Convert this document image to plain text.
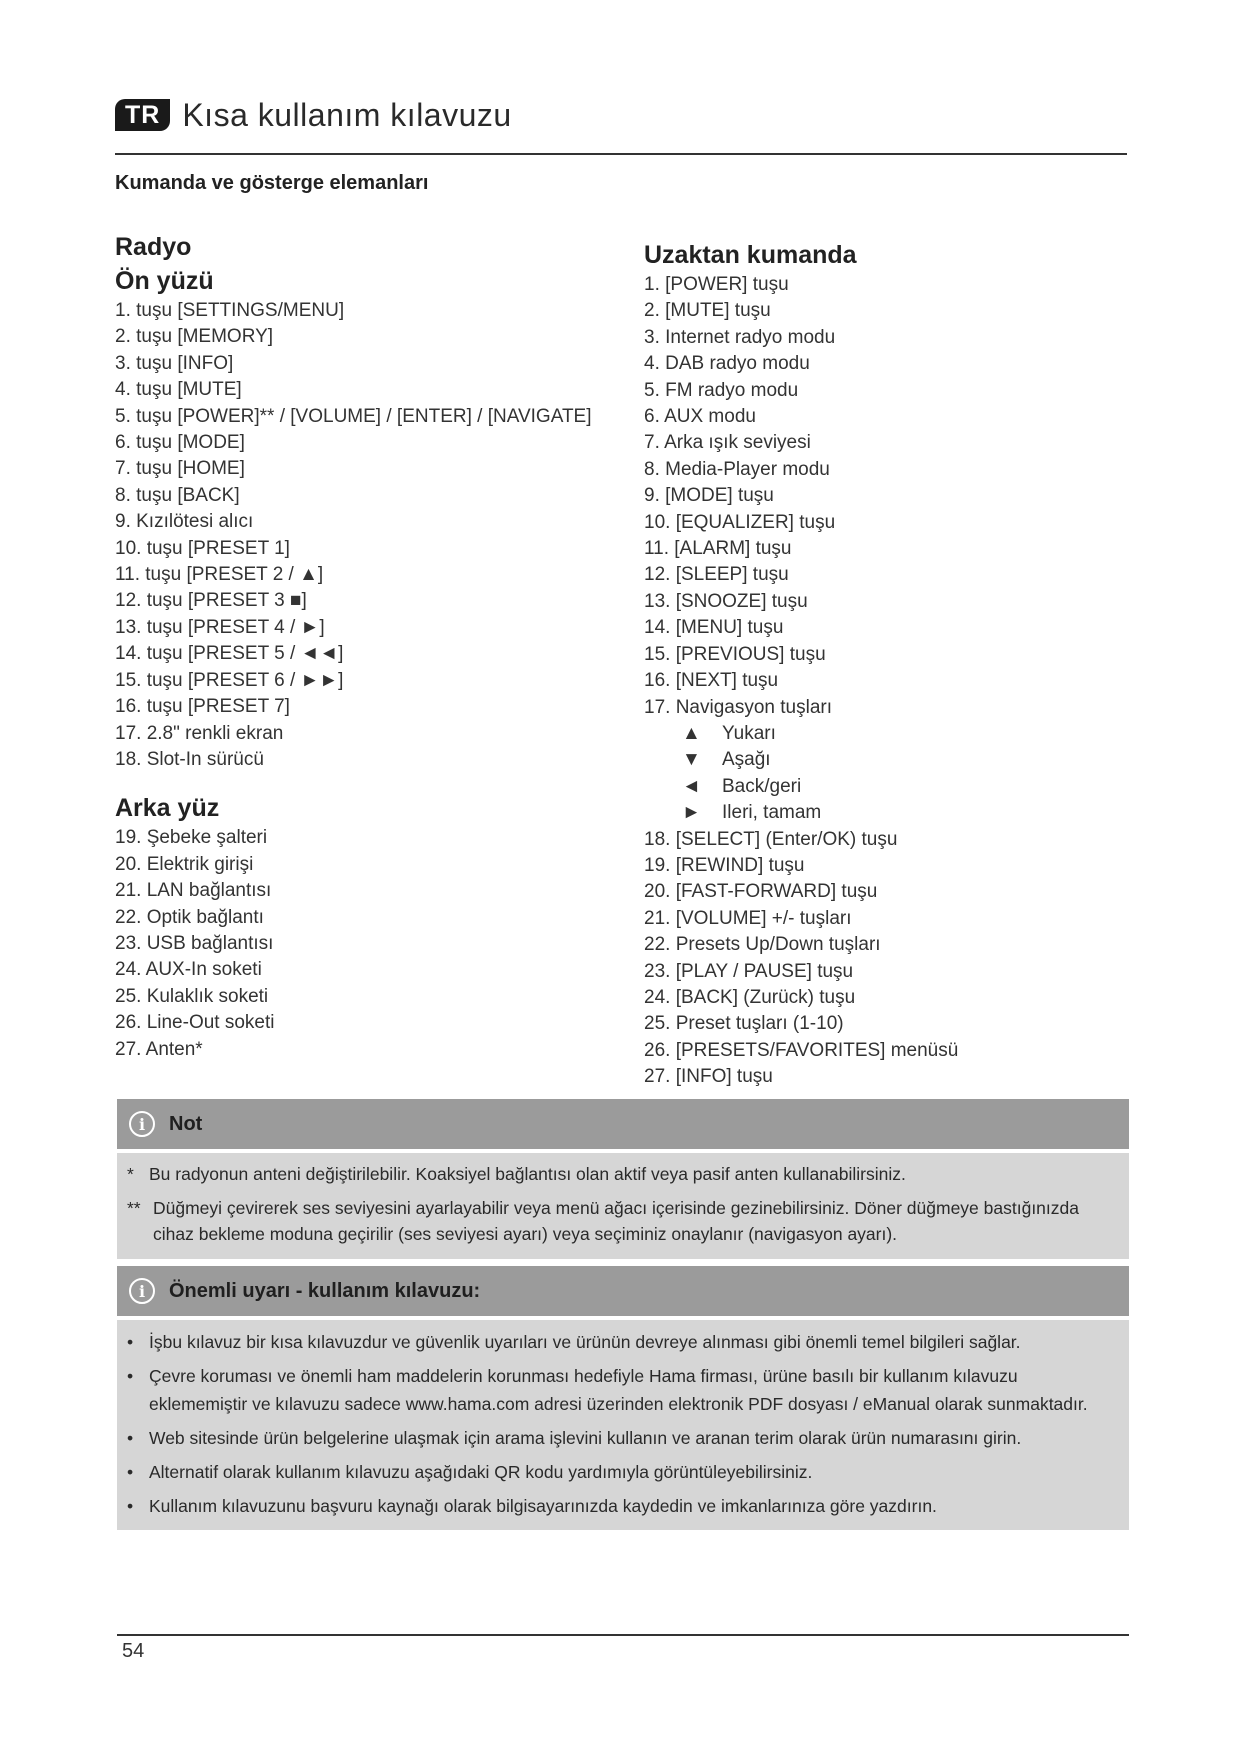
TR Kısa kullanım kılavuzu
Kumanda ve gösterge elemanları
Radyo
Ön yüzü
1. tuşu [SETTINGS/MENU]
2. tuşu [MEMORY]
3. tuşu [INFO]
4. tuşu [MUTE]
5. tuşu [POWER]** / [VOLUME] / [ENTER] / [NAVIGATE]
6. tuşu [MODE]
7. tuşu [HOME]
8. tuşu [BACK]
9. Kızılötesi alıcı
10. tuşu [PRESET 1]
11. tuşu [PRESET 2 / ▲]
12. tuşu [PRESET 3 ■]
13. tuşu [PRESET 4 / ►]
14. tuşu [PRESET 5 / ◄◄]
15. tuşu [PRESET 6 / ►►]
16. tuşu [PRESET 7]
17. 2.8" renkli ekran
18. Slot-In sürücü
Arka yüz
19. Şebeke şalteri
20. Elektrik girişi
21. LAN bağlantısı
22. Optik bağlantı
23. USB bağlantısı
24. AUX-In soketi
25. Kulaklık soketi
26. Line-Out soketi
27. Anten*
Uzaktan kumanda
1. [POWER] tuşu
2. [MUTE] tuşu
3. Internet radyo modu
4. DAB radyo modu
5. FM radyo modu
6. AUX modu
7. Arka ışık seviyesi
8. Media-Player modu
9. [MODE] tuşu
10. [EQUALIZER] tuşu
11. [ALARM] tuşu
12. [SLEEP] tuşu
13. [SNOOZE] tuşu
14. [MENU] tuşu
15. [PREVIOUS] tuşu
16. [NEXT] tuşu
17. Navigasyon tuşları
▲ Yukarı
▼ Aşağı
◄ Back/geri
► Ileri, tamam
18. [SELECT] (Enter/OK) tuşu
19. [REWIND] tuşu
20. [FAST-FORWARD] tuşu
21. [VOLUME] +/- tuşları
22. Presets Up/Down tuşları
23. [PLAY / PAUSE] tuşu
24. [BACK] (Zurück) tuşu
25. Preset tuşları (1-10)
26. [PRESETS/FAVORITES] menüsü
27. [INFO] tuşu
i	Not

* Bu radyonun anteni değiştirilebilir. Koaksiyel bağlantısı olan aktif veya pasif anten kullanabilirsiniz.

** Düğmeyi çevirerek ses seviyesini ayarlayabilir veya menü ağacı içerisinde gezinebilirsiniz. Döner düğmeye bastığınızda cihaz bekleme moduna geçirilir (ses seviyesi ayarı) veya seçiminiz onaylanır (navigasyon ayarı).

i	Önemli uyarı - kullanım kılavuzu:

• İşbu kılavuz bir kısa kılavuzdur ve güvenlik uyarıları ve ürünün devreye alınması gibi önemli temel bilgileri sağlar.

• Çevre koruması ve önemli ham maddelerin korunması hedefiyle Hama firması, ürüne basılı bir kullanım kılavuzu eklememiştir ve kılavuzu sadece www.hama.com adresi üzerinden elektronik PDF dosyası / eManual olarak sunmaktadır.

• Web sitesinde ürün belgelerine ulaşmak için arama işlevini kullanın ve aranan terim olarak ürün numarasını girin.

• Alternatif olarak kullanım kılavuzu aşağıdaki QR kodu yardımıyla görüntüleyebilirsiniz.

• Kullanım kılavuzunu başvuru kaynağı olarak bilgisayarınızda kaydedin ve imkanlarınıza göre yazdırın.

54
